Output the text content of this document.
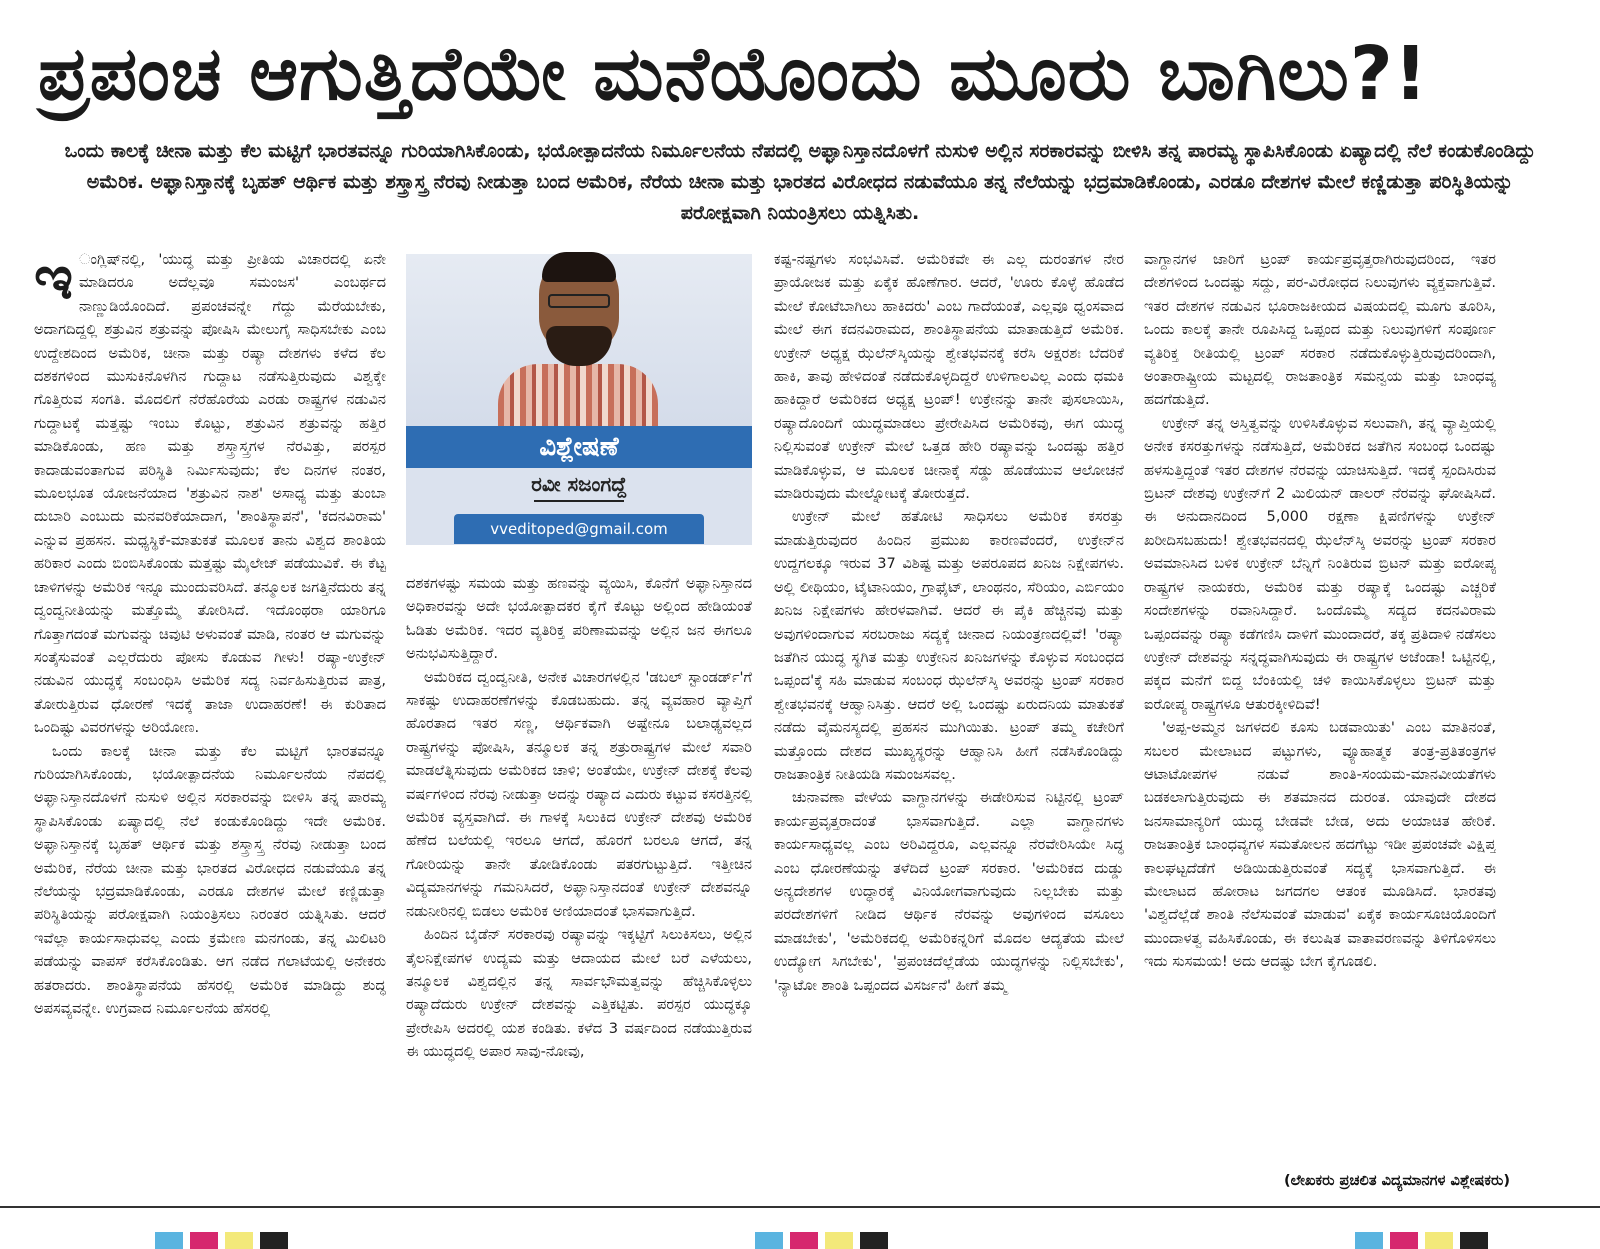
ಪ್ರಪಂಚ ಆಗುತ್ತಿದೆಯೇ ಮನೆಯೊಂದು ಮೂರು ಬಾಗಿಲು?!
ಒಂದು ಕಾಲಕ್ಕೆ ಚೀನಾ ಮತ್ತು ಕೆಲ ಮಟ್ಟಿಗೆ ಭಾರತವನ್ನೂ ಗುರಿಯಾಗಿಸಿಕೊಂಡು, ಭಯೋತ್ಪಾದನೆಯ ನಿರ್ಮೂಲನೆಯ ನೆಪದಲ್ಲಿ ಅಫ್ಘಾನಿಸ್ತಾನದೊಳಗೆ ನುಸುಳಿ ಅಲ್ಲಿನ ಸರಕಾರವನ್ನು ಬೀಳಿಸಿ ತನ್ನ ಪಾರಮ್ಯ ಸ್ಥಾಪಿಸಿಕೊಂಡು ಏಷ್ಯಾದಲ್ಲಿ ನೆಲೆ ಕಂಡುಕೊಂಡಿದ್ದು ಅಮೆರಿಕ. ಅಫ್ಘಾನಿಸ್ತಾನಕ್ಕೆ ಬೃಹತ್ ಆರ್ಥಿಕ ಮತ್ತು ಶಸ್ತ್ರಾಸ್ತ್ರ ನೆರವು ನೀಡುತ್ತಾ ಬಂದ ಅಮೆರಿಕ, ನೆರೆಯ ಚೀನಾ ಮತ್ತು ಭಾರತದ ವಿರೋಧದ ನಡುವೆಯೂ ತನ್ನ ನೆಲೆಯನ್ನು ಭದ್ರಮಾಡಿಕೊಂಡು, ಎರಡೂ ದೇಶಗಳ ಮೇಲೆ ಕಣ್ಣಿಡುತ್ತಾ ಪರಿಸ್ಥಿತಿಯನ್ನು ಪರೋಕ್ಷವಾಗಿ ನಿಯಂತ್ರಿಸಲು ಯತ್ನಿಸಿತು.

ಇ ಂಗ್ಲಿಷ್‌ನಲ್ಲಿ, 'ಯುದ್ಧ ಮತ್ತು ಪ್ರೀತಿಯ ವಿಚಾರದಲ್ಲಿ ಏನೇ ಮಾಡಿದರೂ ಅದೆಲ್ಲವೂ ಸಮಂಜಸ' ಎಂಬರ್ಥದ ನಾಣ್ಣುಡಿಯೊಂದಿದೆ. ಪ್ರಪಂಚವನ್ನೇ ಗೆದ್ದು ಮೆರೆಯಬೇಕು, ಅದಾಗದಿದ್ದಲ್ಲಿ ಶತ್ರುವಿನ ಶತ್ರುವನ್ನು ಪೋಷಿಸಿ ಮೇಲುಗೈ ಸಾಧಿಸಬೇಕು ಎಂಬ ಉದ್ದೇಶದಿಂದ ಅಮೆರಿಕ, ಚೀನಾ ಮತ್ತು ರಷ್ಯಾ ದೇಶಗಳು ಕಳೆದ ಕೆಲ ದಶಕಗಳಿಂದ ಮುಸುಕಿನೊಳಗಿನ ಗುದ್ದಾಟ ನಡೆಸುತ್ತಿರುವುದು ವಿಶ್ವಕ್ಕೇ ಗೊತ್ತಿರುವ ಸಂಗತಿ. ಮೊದಲಿಗೆ ನೆರೆಹೊರೆಯ ಎರಡು ರಾಷ್ಟ್ರಗಳ ನಡುವಿನ ಗುದ್ದಾಟಕ್ಕೆ ಮತ್ತಷ್ಟು ಇಂಬು ಕೊಟ್ಟು, ಶತ್ರುವಿನ ಶತ್ರುವನ್ನು ಹತ್ತಿರ ಮಾಡಿಕೊಂಡು, ಹಣ ಮತ್ತು ಶಸ್ತ್ರಾಸ್ತ್ರಗಳ ನೆರವಿತ್ತು, ಪರಸ್ಪರ ಕಾದಾಡುವಂತಾಗುವ ಪರಿಸ್ಥಿತಿ ನಿರ್ಮಿಸುವುದು; ಕೆಲ ದಿನಗಳ ನಂತರ, ಮೂಲಭೂತ ಯೋಜನೆಯಾದ 'ಶತ್ರುವಿನ ನಾಶ' ಅಸಾಧ್ಯ ಮತ್ತು ತುಂಬಾ ದುಬಾರಿ ಎಂಬುದು ಮನವರಿಕೆಯಾದಾಗ, 'ಶಾಂತಿಸ್ಥಾಪನೆ', 'ಕದನವಿರಾಮ' ಎನ್ನುವ ಪ್ರಹಸನ. ಮಧ್ಯಸ್ಥಿಕೆ-ಮಾತುಕತೆ ಮೂಲಕ ತಾನು ವಿಶ್ವದ ಶಾಂತಿಯ ಹರಿಕಾರ ಎಂದು ಬಿಂಬಿಸಿಕೊಂಡು ಮತ್ತಷ್ಟು ಮೈಲೇಜ್ ಪಡೆಯುವಿಕೆ. ಈ ಕೆಟ್ಟ ಚಾಳಿಗಳನ್ನು ಅಮೆರಿಕ ಇನ್ನೂ ಮುಂದುವರಿಸಿದೆ. ತನ್ಮೂಲಕ ಜಗತ್ತಿನೆದುರು ತನ್ನ ದ್ವಂದ್ವನೀತಿಯನ್ನು ಮತ್ತೊಮ್ಮೆ ತೋರಿಸಿದೆ. ಇದೊಂಥರಾ ಯಾರಿಗೂ ಗೊತ್ತಾಗದಂತೆ ಮಗುವನ್ನು ಚಿವುಟಿ ಅಳುವಂತೆ ಮಾಡಿ, ನಂತರ ಆ ಮಗುವನ್ನು ಸಂತೈಸುವಂತೆ ಎಲ್ಲರೆದುರು ಪೋಸು ಕೊಡುವ ಗೀಳು! ರಷ್ಯಾ-ಉಕ್ರೇನ್ ನಡುವಿನ ಯುದ್ಧಕ್ಕೆ ಸಂಬಂಧಿಸಿ ಅಮೆರಿಕ ಸದ್ಯ ನಿರ್ವಹಿಸುತ್ತಿರುವ ಪಾತ್ರ, ತೋರುತ್ತಿರುವ ಧೋರಣೆ ಇದಕ್ಕೆ ತಾಜಾ ಉದಾಹರಣೆ! ಈ ಕುರಿತಾದ ಒಂದಿಷ್ಟು ವಿವರಗಳನ್ನು ಅರಿಯೋಣ.

ಒಂದು ಕಾಲಕ್ಕೆ ಚೀನಾ ಮತ್ತು ಕೆಲ ಮಟ್ಟಿಗೆ ಭಾರತವನ್ನೂ ಗುರಿಯಾಗಿಸಿಕೊಂಡು, ಭಯೋತ್ಪಾದನೆಯ ನಿರ್ಮೂಲನೆಯ ನೆಪದಲ್ಲಿ ಅಫ್ಘಾನಿಸ್ತಾನದೊಳಗೆ ನುಸುಳಿ ಅಲ್ಲಿನ ಸರಕಾರವನ್ನು ಬೀಳಿಸಿ ತನ್ನ ಪಾರಮ್ಯ ಸ್ಥಾಪಿಸಿಕೊಂಡು ಏಷ್ಯಾದಲ್ಲಿ ನೆಲೆ ಕಂಡುಕೊಂಡಿದ್ದು ಇದೇ ಅಮೆರಿಕ. ಅಫ್ಘಾನಿಸ್ತಾನಕ್ಕೆ ಬೃಹತ್ ಆರ್ಥಿಕ ಮತ್ತು ಶಸ್ತ್ರಾಸ್ತ್ರ ನೆರವು ನೀಡುತ್ತಾ ಬಂದ ಅಮೆರಿಕ, ನೆರೆಯ ಚೀನಾ ಮತ್ತು ಭಾರತದ ವಿರೋಧದ ನಡುವೆಯೂ ತನ್ನ ನೆಲೆಯನ್ನು ಭದ್ರಮಾಡಿಕೊಂಡು, ಎರಡೂ ದೇಶಗಳ ಮೇಲೆ ಕಣ್ಣಿಡುತ್ತಾ ಪರಿಸ್ಥಿತಿಯನ್ನು ಪರೋಕ್ಷವಾಗಿ ನಿಯಂತ್ರಿಸಲು ನಿರಂತರ ಯತ್ನಿಸಿತು. ಆದರೆ ಇವೆಲ್ಲಾ ಕಾರ್ಯಸಾಧುವಲ್ಲ ಎಂದು ಕ್ರಮೇಣ ಮನಗಂಡು, ತನ್ನ ಮಿಲಿಟರಿ ಪಡೆಯನ್ನು ವಾಪಸ್ ಕರೆಸಿಕೊಂಡಿತು. ಆಗ ನಡೆದ ಗಲಾಟೆಯಲ್ಲಿ ಅನೇಕರು ಹತರಾದರು. ಶಾಂತಿಸ್ಥಾಪನೆಯ ಹೆಸರಲ್ಲಿ ಅಮೆರಿಕ ಮಾಡಿದ್ದು ಶುದ್ಧ ಅಪಸವ್ಯವನ್ನೇ. ಉಗ್ರವಾದ ನಿರ್ಮೂಲನೆಯ ಹೆಸರಲ್ಲಿ

ವಿಶ್ಲೇಷಣೆ
ರವೀ ಸಜಂಗದ್ದೆ
vveditoped@gmail.com

ದಶಕಗಳಷ್ಟು ಸಮಯ ಮತ್ತು ಹಣವನ್ನು ವ್ಯಯಿಸಿ, ಕೊನೆಗೆ ಅಫ್ಘಾನಿಸ್ತಾನದ ಅಧಿಕಾರವನ್ನು ಅದೇ ಭಯೋತ್ಪಾದಕರ ಕೈಗೆ ಕೊಟ್ಟು ಅಲ್ಲಿಂದ ಹೇಡಿಯಂತೆ ಓಡಿತು ಅಮೆರಿಕ. ಇದರ ವ್ಯತಿರಿಕ್ತ ಪರಿಣಾಮವನ್ನು ಅಲ್ಲಿನ ಜನ ಈಗಲೂ ಅನುಭವಿಸುತ್ತಿದ್ದಾರೆ.

ಅಮೆರಿಕದ ದ್ವಂದ್ವನೀತಿ, ಅನೇಕ ವಿಚಾರಗಳಲ್ಲಿನ 'ಡಬಲ್ ಸ್ಟಾಂಡರ್ಡ್'ಗೆ ಸಾಕಷ್ಟು ಉದಾಹರಣೆಗಳನ್ನು ಕೊಡಬಹುದು. ತನ್ನ ವ್ಯವಹಾರ ವ್ಯಾಪ್ತಿಗೆ ಹೊರತಾದ ಇತರ ಸಣ್ಣ, ಆರ್ಥಿಕವಾಗಿ ಅಷ್ಟೇನೂ ಬಲಾಢ್ಯವಲ್ಲದ ರಾಷ್ಟ್ರಗಳನ್ನು ಪೋಷಿಸಿ, ತನ್ಮೂಲಕ ತನ್ನ ಶತ್ರುರಾಷ್ಟ್ರಗಳ ಮೇಲೆ ಸವಾರಿ ಮಾಡಲೆತ್ನಿಸುವುದು ಅಮೆರಿಕದ ಚಾಳಿ; ಅಂತೆಯೇ, ಉಕ್ರೇನ್ ದೇಶಕ್ಕೆ ಕೆಲವು ವರ್ಷಗಳಿಂದ ನೆರವು ನೀಡುತ್ತಾ ಅದನ್ನು ರಷ್ಯಾದ ಎದುರು ಕಟ್ಟುವ ಕಸರತ್ತಿನಲ್ಲಿ ಅಮೆರಿಕ ವ್ಯಸ್ತವಾಗಿದೆ. ಈ ಗಾಳಕ್ಕೆ ಸಿಲುಕಿದ ಉಕ್ರೇನ್ ದೇಶವು ಅಮೆರಿಕ ಹೆಣೆದ ಬಲೆಯಲ್ಲಿ ಇರಲೂ ಆಗದೆ, ಹೊರಗೆ ಬರಲೂ ಆಗದೆ, ತನ್ನ ಗೋರಿಯನ್ನು ತಾನೇ ತೋಡಿಕೊಂಡು ಪತರಗುಟ್ಟುತ್ತಿದೆ. ಇತ್ತೀಚಿನ ವಿದ್ಯಮಾನಗಳನ್ನು ಗಮನಿಸಿದರೆ, ಅಫ್ಘಾನಿಸ್ತಾನದಂತೆ ಉಕ್ರೇನ್ ದೇಶವನ್ನೂ ನಡುನೀರಿನಲ್ಲಿ ಬಿಡಲು ಅಮೆರಿಕ ಅಣಿಯಾದಂತೆ ಭಾಸವಾಗುತ್ತಿದೆ.

ಹಿಂದಿನ ಬೈಡೆನ್ ಸರಕಾರವು ರಷ್ಯಾವನ್ನು ಇಕ್ಕಟ್ಟಿಗೆ ಸಿಲುಕಿಸಲು, ಅಲ್ಲಿನ ತೈಲನಿಕ್ಷೇಪಗಳ ಉದ್ಯಮ ಮತ್ತು ಆದಾಯದ ಮೇಲೆ ಬರೆ ಎಳೆಯಲು, ತನ್ಮೂಲಕ ವಿಶ್ವದಲ್ಲಿನ ತನ್ನ ಸಾರ್ವಭೌಮತ್ವವನ್ನು ಹೆಚ್ಚಿಸಿಕೊಳ್ಳಲು ರಷ್ಯಾದೆದುರು ಉಕ್ರೇನ್ ದೇಶವನ್ನು ಎತ್ತಿಕಟ್ಟಿತು. ಪರಸ್ಪರ ಯುದ್ಧಕ್ಕೂ ಪ್ರೇರೇಪಿಸಿ ಅದರಲ್ಲಿ ಯಶ ಕಂಡಿತು. ಕಳೆದ 3 ವರ್ಷದಿಂದ ನಡೆಯುತ್ತಿರುವ ಈ ಯುದ್ಧದಲ್ಲಿ ಅಪಾರ ಸಾವು-ನೋವು,

ಕಷ್ಟ-ನಷ್ಟಗಳು ಸಂಭವಿಸಿವೆ. ಅಮೆರಿಕವೇ ಈ ಎಲ್ಲ ದುರಂತಗಳ ನೇರ ಪ್ರಾಯೋಜಕ ಮತ್ತು ಏಕೈಕ ಹೊಣೆಗಾರ. ಆದರೆ, 'ಊರು ಕೊಳ್ಳೆ ಹೊಡೆದ ಮೇಲೆ ಕೋಟೆಬಾಗಿಲು ಹಾಕಿದರು' ಎಂಬ ಗಾದೆಯಂತೆ, ಎಲ್ಲವೂ ಧ್ವಂಸವಾದ ಮೇಲೆ ಈಗ ಕದನವಿರಾಮದ, ಶಾಂತಿಸ್ಥಾಪನೆಯ ಮಾತಾಡುತ್ತಿದೆ ಅಮೆರಿಕ. ಉಕ್ರೇನ್ ಅಧ್ಯಕ್ಷ ಝೆಲೆನ್‌ಸ್ಕಿಯನ್ನು ಶ್ವೇತಭವನಕ್ಕೆ ಕರೆಸಿ ಅಕ್ಷರಶಃ ಬೆದರಿಕೆ ಹಾಕಿ, ತಾವು ಹೇಳಿದಂತೆ ನಡೆದುಕೊಳ್ಳದಿದ್ದರೆ ಉಳಿಗಾಲವಿಲ್ಲ ಎಂದು ಧಮಕಿ ಹಾಕಿದ್ದಾರೆ ಅಮೆರಿಕದ ಅಧ್ಯಕ್ಷ ಟ್ರಂಪ್! ಉಕ್ರೇನನ್ನು ತಾನೇ ಪುಸಲಾಯಿಸಿ, ರಷ್ಯಾದೊಂದಿಗೆ ಯುದ್ಧಮಾಡಲು ಪ್ರೇರೇಪಿಸಿದ ಅಮೆರಿಕವು, ಈಗ ಯುದ್ಧ ನಿಲ್ಲಿಸುವಂತೆ ಉಕ್ರೇನ್ ಮೇಲೆ ಒತ್ತಡ ಹೇರಿ ರಷ್ಯಾವನ್ನು ಒಂದಷ್ಟು ಹತ್ತಿರ ಮಾಡಿಕೊಳ್ಳುವ, ಆ ಮೂಲಕ ಚೀನಾಕ್ಕೆ ಸೆಡ್ಡು ಹೊಡೆಯುವ ಆಲೋಚನೆ ಮಾಡಿರುವುದು ಮೇಲ್ನೋಟಕ್ಕೆ ತೋರುತ್ತದೆ.

ಉಕ್ರೇನ್ ಮೇಲೆ ಹತೋಟಿ ಸಾಧಿಸಲು ಅಮೆರಿಕ ಕಸರತ್ತು ಮಾಡುತ್ತಿರುವುದರ ಹಿಂದಿನ ಪ್ರಮುಖ ಕಾರಣವೆಂದರೆ, ಉಕ್ರೇನ್‌ನ ಉದ್ದಗಲಕ್ಕೂ ಇರುವ 37 ವಿಶಿಷ್ಟ ಮತ್ತು ಅಪರೂಪದ ಖನಿಜ ನಿಕ್ಷೇಪಗಳು. ಅಲ್ಲಿ ಲೀಥಿಯಂ, ಟೈಟಾನಿಯಂ, ಗ್ರಾಫೈಟ್, ಲಾಂಥನಂ, ಸೆರಿಯಂ, ಎರ್ಬಿಯಂ ಖನಿಜ ನಿಕ್ಷೇಪಗಳು ಹೇರಳವಾಗಿವೆ. ಆದರೆ ಈ ಪೈಕಿ ಹೆಚ್ಚಿನವು ಮತ್ತು ಅವುಗಳಿಂದಾಗುವ ಸರಬರಾಜು ಸದ್ಯಕ್ಕೆ ಚೀನಾದ ನಿಯಂತ್ರಣದಲ್ಲಿವೆ! 'ರಷ್ಯಾ ಜತೆಗಿನ ಯುದ್ಧ ಸ್ಥಗಿತ ಮತ್ತು ಉಕ್ರೇನಿನ ಖನಿಜಗಳನ್ನು ಕೊಳ್ಳುವ ಸಂಬಂಧದ ಒಪ್ಪಂದ'ಕ್ಕೆ ಸಹಿ ಮಾಡುವ ಸಂಬಂಧ ಝೆಲೆನ್‌ಸ್ಕಿ ಅವರನ್ನು ಟ್ರಂಪ್ ಸರಕಾರ ಶ್ವೇತಭವನಕ್ಕೆ ಆಹ್ವಾನಿಸಿತ್ತು. ಆದರೆ ಅಲ್ಲಿ ಒಂದಷ್ಟು ಏರುದನಿಯ ಮಾತುಕತೆ ನಡೆದು ವೈಮನಸ್ಯದಲ್ಲಿ ಪ್ರಹಸನ ಮುಗಿಯಿತು. ಟ್ರಂಪ್ ತಮ್ಮ ಕಚೇರಿಗೆ ಮತ್ತೊಂದು ದೇಶದ ಮುಖ್ಯಸ್ಥರನ್ನು ಆಹ್ವಾನಿಸಿ ಹೀಗೆ ನಡೆಸಿಕೊಂಡಿದ್ದು ರಾಜತಾಂತ್ರಿಕ ನೀತಿಯಡಿ ಸಮಂಜಸವಲ್ಲ.

ಚುನಾವಣಾ ವೇಳೆಯ ವಾಗ್ದಾನಗಳನ್ನು ಈಡೇರಿಸುವ ನಿಟ್ಟಿನಲ್ಲಿ ಟ್ರಂಪ್ ಕಾರ್ಯಪ್ರವೃತ್ತರಾದಂತೆ ಭಾಸವಾಗುತ್ತಿದೆ. ಎಲ್ಲಾ ವಾಗ್ದಾನಗಳು ಕಾರ್ಯಸಾಧ್ಯವಲ್ಲ ಎಂಬ ಅರಿವಿದ್ದರೂ, ಎಲ್ಲವನ್ನೂ ನೆರವೇರಿಸಿಯೇ ಸಿದ್ಧ ಎಂಬ ಧೋರಣೆಯನ್ನು ತಳೆದಿದೆ ಟ್ರಂಪ್ ಸರಕಾರ. 'ಅಮೆರಿಕದ ದುಡ್ಡು ಅನ್ಯದೇಶಗಳ ಉದ್ಧಾರಕ್ಕೆ ವಿನಿಯೋಗವಾಗುವುದು ನಿಲ್ಲಬೇಕು ಮತ್ತು ಪರದೇಶಗಳಿಗೆ ನೀಡಿದ ಆರ್ಥಿಕ ನೆರವನ್ನು ಅವುಗಳಿಂದ ವಸೂಲು ಮಾಡಬೇಕು', 'ಅಮೆರಿಕದಲ್ಲಿ ಅಮೆರಿಕನ್ನರಿಗೆ ಮೊದಲ ಆದ್ಯತೆಯ ಮೇಲೆ ಉದ್ಯೋಗ ಸಿಗಬೇಕು', 'ಪ್ರಪಂಚದೆಲ್ಲೆಡೆಯ ಯುದ್ಧಗಳನ್ನು ನಿಲ್ಲಿಸಬೇಕು', 'ನ್ಯಾಟೋ ಶಾಂತಿ ಒಪ್ಪಂದದ ವಿಸರ್ಜನೆ' ಹೀಗೆ ತಮ್ಮ

ವಾಗ್ದಾನಗಳ ಜಾರಿಗೆ ಟ್ರಂಪ್ ಕಾರ್ಯಪ್ರವೃತ್ತರಾಗಿರುವುದರಿಂದ, ಇತರ ದೇಶಗಳಿಂದ ಒಂದಷ್ಟು ಸದ್ದು, ಪರ-ವಿರೋಧದ ನಿಲುವುಗಳು ವ್ಯಕ್ತವಾಗುತ್ತಿವೆ. ಇತರ ದೇಶಗಳ ನಡುವಿನ ಭೂರಾಜಕೀಯದ ವಿಷಯದಲ್ಲಿ ಮೂಗು ತೂರಿಸಿ, ಒಂದು ಕಾಲಕ್ಕೆ ತಾನೇ ರೂಪಿಸಿದ್ದ ಒಪ್ಪಂದ ಮತ್ತು ನಿಲುವುಗಳಿಗೆ ಸಂಪೂರ್ಣ ವ್ಯತಿರಿಕ್ತ ರೀತಿಯಲ್ಲಿ ಟ್ರಂಪ್ ಸರಕಾರ ನಡೆದುಕೊಳ್ಳುತ್ತಿರುವುದರಿಂದಾಗಿ, ಅಂತಾರಾಷ್ಟ್ರೀಯ ಮಟ್ಟದಲ್ಲಿ ರಾಜತಾಂತ್ರಿಕ ಸಮನ್ವಯ ಮತ್ತು ಬಾಂಧವ್ಯ ಹದಗೆಡುತ್ತಿದೆ.

ಉಕ್ರೇನ್ ತನ್ನ ಅಸ್ತಿತ್ವವನ್ನು ಉಳಿಸಿಕೊಳ್ಳುವ ಸಲುವಾಗಿ, ತನ್ನ ವ್ಯಾಪ್ತಿಯಲ್ಲಿ ಅನೇಕ ಕಸರತ್ತುಗಳನ್ನು ನಡೆಸುತ್ತಿದೆ, ಅಮೆರಿಕದ ಜತೆಗಿನ ಸಂಬಂಧ ಒಂದಷ್ಟು ಹಳಸುತ್ತಿದ್ದಂತೆ ಇತರ ದೇಶಗಳ ನೆರವನ್ನು ಯಾಚಿಸುತ್ತಿದೆ. ಇದಕ್ಕೆ ಸ್ಪಂದಿಸಿರುವ ಬ್ರಿಟನ್ ದೇಶವು ಉಕ್ರೇನ್‌ಗೆ 2 ಮಿಲಿಯನ್ ಡಾಲರ್ ನೆರವನ್ನು ಘೋಷಿಸಿದೆ. ಈ ಅನುದಾನದಿಂದ 5,000 ರಕ್ಷಣಾ ಕ್ಷಿಪಣಿಗಳನ್ನು ಉಕ್ರೇನ್ ಖರೀದಿಸಬಹುದು! ಶ್ವೇತಭವನದಲ್ಲಿ ಝೆಲೆನ್‌ಸ್ಕಿ ಅವರನ್ನು ಟ್ರಂಪ್ ಸರಕಾರ ಅವಮಾನಿಸಿದ ಬಳಿಕ ಉಕ್ರೇನ್ ಬೆನ್ನಿಗೆ ನಿಂತಿರುವ ಬ್ರಿಟನ್ ಮತ್ತು ಐರೋಪ್ಯ ರಾಷ್ಟ್ರಗಳ ನಾಯಕರು, ಅಮೆರಿಕ ಮತ್ತು ರಷ್ಯಾಕ್ಕೆ ಒಂದಷ್ಟು ಎಚ್ಚರಿಕೆ ಸಂದೇಶಗಳನ್ನು ರವಾನಿಸಿದ್ದಾರೆ. ಒಂದೊಮ್ಮೆ ಸದ್ಯದ ಕದನವಿರಾಮ ಒಪ್ಪಂದವನ್ನು ರಷ್ಯಾ ಕಡೆಗಣಿಸಿ ದಾಳಿಗೆ ಮುಂದಾದರೆ, ತಕ್ಕ ಪ್ರತಿದಾಳಿ ನಡೆಸಲು ಉಕ್ರೇನ್ ದೇಶವನ್ನು ಸನ್ನದ್ಧವಾಗಿಸುವುದು ಈ ರಾಷ್ಟ್ರಗಳ ಅಜೆಂಡಾ! ಒಟ್ಟಿನಲ್ಲಿ, ಪಕ್ಕದ ಮನೆಗೆ ಬಿದ್ದ ಬೆಂಕಿಯಲ್ಲಿ ಚಳಿ ಕಾಯಿಸಿಕೊಳ್ಳಲು ಬ್ರಿಟನ್ ಮತ್ತು ಐರೋಪ್ಯ ರಾಷ್ಟ್ರಗಳೂ ಆತುರಕ್ಕೀಳಿದಿವೆ!

'ಅಪ್ಪ-ಅಮ್ಮನ ಜಗಳದಲಿ ಕೂಸು ಬಡವಾಯಿತು' ಎಂಬ ಮಾತಿನಂತೆ, ಸಬಲರ ಮೇಲಾಟದ ಪಟ್ಟುಗಳು, ವ್ಯೂಹಾತ್ಮಕ ತಂತ್ರ-ಪ್ರತಿತಂತ್ರಗಳ ಆಟಾಟೋಪಗಳ ನಡುವೆ ಶಾಂತಿ-ಸಂಯಮ-ಮಾನವೀಯತೆಗಳು ಬಡಕಲಾಗುತ್ತಿರುವುದು ಈ ಶತಮಾನದ ದುರಂತ. ಯಾವುದೇ ದೇಶದ ಜನಸಾಮಾನ್ಯರಿಗೆ ಯುದ್ಧ ಬೇಡವೇ ಬೇಡ, ಅದು ಅಯಾಚಿತ ಹೇರಿಕೆ. ರಾಜತಾಂತ್ರಿಕ ಬಾಂಧವ್ಯಗಳ ಸಮತೋಲನ ಹದಗೆಟ್ಟು ಇಡೀ ಪ್ರಪಂಚವೇ ವಿಕ್ಷಿಪ್ತ ಕಾಲಘಟ್ಟದೆಡೆಗೆ ಅಡಿಯಿಡುತ್ತಿರುವಂತೆ ಸದ್ಯಕ್ಕೆ ಭಾಸವಾಗುತ್ತಿದೆ. ಈ ಮೇಲಾಟದ ಹೋರಾಟ ಜಗದಗಲ ಆತಂಕ ಮೂಡಿಸಿದೆ. ಭಾರತವು 'ವಿಶ್ವದೆಲ್ಲೆಡೆ ಶಾಂತಿ ನೆಲೆಸುವಂತೆ ಮಾಡುವ' ಏಕೈಕ ಕಾರ್ಯಸೂಚಿಯೊಂದಿಗೆ ಮುಂದಾಳತ್ವ ವಹಿಸಿಕೊಂಡು, ಈ ಕಲುಷಿತ ವಾತಾವರಣವನ್ನು ತಿಳಿಗೊಳಿಸಲು ಇದು ಸುಸಮಯ! ಅದು ಆದಷ್ಟು ಬೇಗ ಕೈಗೂಡಲಿ.

(ಲೇಖಕರು ಪ್ರಚಲಿತ ವಿದ್ಯಮಾನಗಳ ವಿಶ್ಲೇಷಕರು)
